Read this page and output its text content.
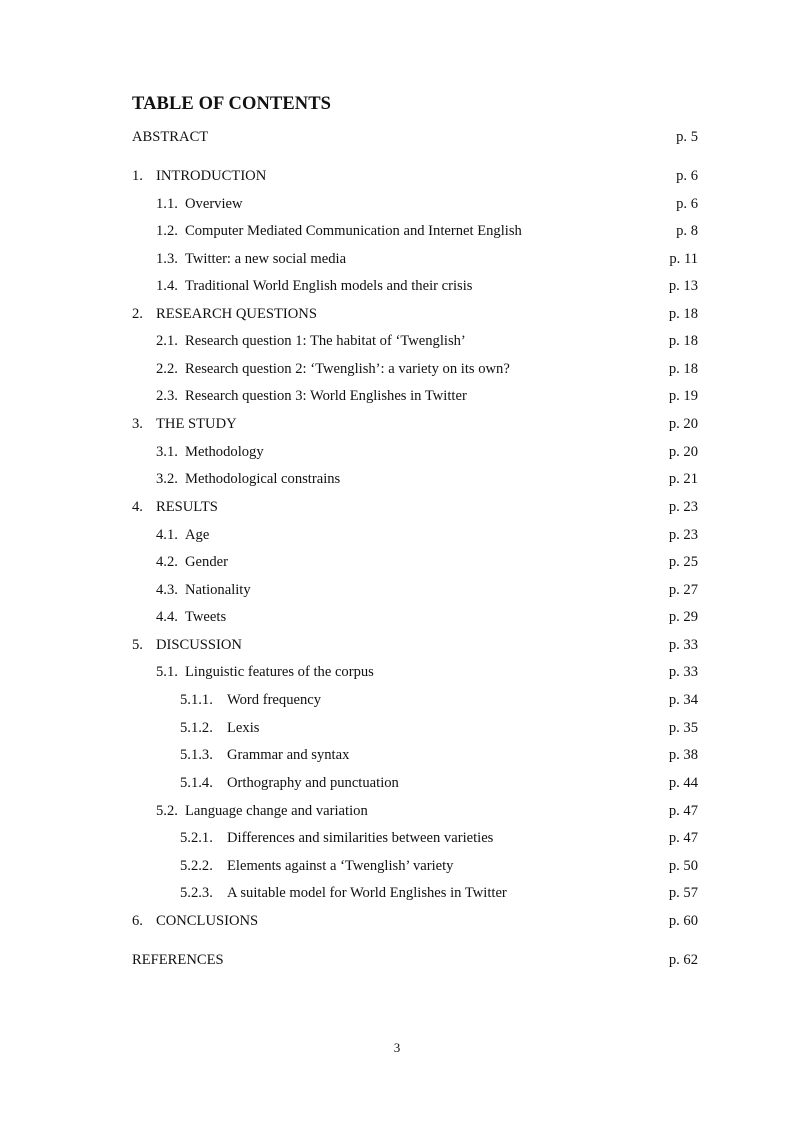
TABLE OF CONTENTS
ABSTRACT	p. 5
1. INTRODUCTION	p. 6
1.1. Overview	p. 6
1.2. Computer Mediated Communication and Internet English	p. 8
1.3. Twitter: a new social media	p. 11
1.4. Traditional World English models and their crisis	p. 13
2. RESEARCH QUESTIONS	p. 18
2.1. Research question 1: The habitat of ‘Twenglish’	p. 18
2.2. Research question 2: ‘Twenglish’: a variety on its own?	p. 18
2.3. Research question 3: World Englishes in Twitter	p. 19
3. THE STUDY	p. 20
3.1. Methodology	p. 20
3.2. Methodological constrains	p. 21
4. RESULTS	p. 23
4.1. Age	p. 23
4.2. Gender	p. 25
4.3. Nationality	p. 27
4.4. Tweets	p. 29
5. DISCUSSION	p. 33
5.1. Linguistic features of the corpus	p. 33
5.1.1. Word frequency	p. 34
5.1.2. Lexis	p. 35
5.1.3. Grammar and syntax	p. 38
5.1.4. Orthography and punctuation	p. 44
5.2. Language change and variation	p. 47
5.2.1. Differences and similarities between varieties	p. 47
5.2.2. Elements against a ‘Twenglish’ variety	p. 50
5.2.3. A suitable model for World Englishes in Twitter	p. 57
6. CONCLUSIONS	p. 60
REFERENCES	p. 62
3
